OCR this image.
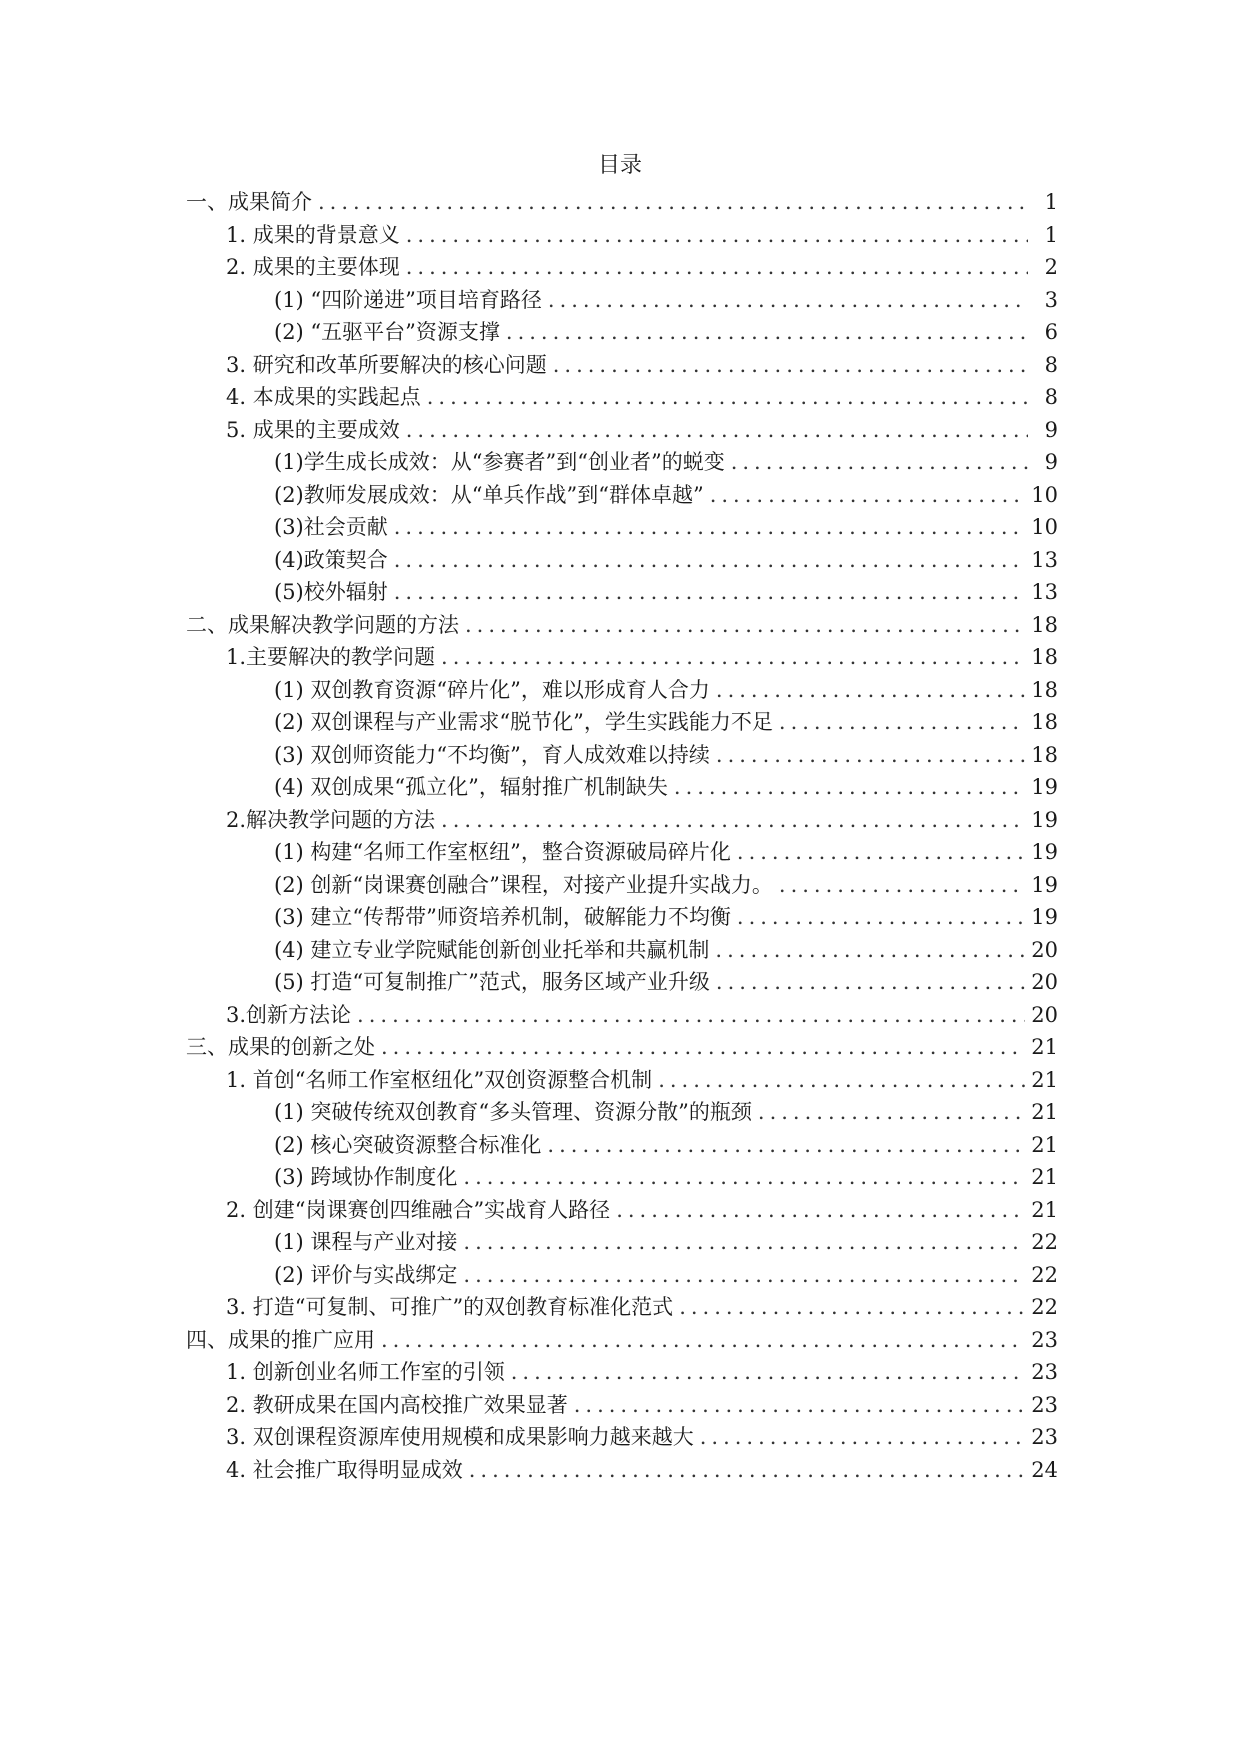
目录
一、成果简介 .....	1
1. 成果的背景意义 .....	1
2. 成果的主要体现 .....	2
(1) “四阶递进”项目培育路径 .....	3
(2) “五驱平台”资源支撑 .....	6
3. 研究和改革所要解决的核心问题 .....	8
4. 本成果的实践起点 .....	8
5. 成果的主要成效 .....	9
(1)学生成长成效：从“参赛者”到“创业者”的蜕变 .....	9
(2)教师发展成效：从“单兵作战”到“群体卓越” .....	10
(3)社会贡献 .....	10
(4)政策契合 .....	13
(5)校外辐射 .....	13
二、成果解决教学问题的方法 .....	18
1.主要解决的教学问题 .....	18
(1) 双创教育资源“碎片化”，难以形成育人合力 .....	18
(2) 双创课程与产业需求“脱节化”，学生实践能力不足 .....	18
(3) 双创师资能力“不均衡”，育人成效难以持续 .....	18
(4) 双创成果“孤立化”，辐射推广机制缺失 .....	19
2.解决教学问题的方法 .....	19
(1) 构建“名师工作室枢纽”，整合资源破局碎片化 .....	19
(2) 创新“岗课赛创融合”课程，对接产业提升实战力。 .....	19
(3) 建立“传帮带”师资培养机制，破解能力不均衡 .....	19
(4) 建立专业学院赋能创新创业托举和共赢机制 .....	20
(5) 打造“可复制推广”范式，服务区域产业升级 .....	20
3.创新方法论 .....	20
三、成果的创新之处 .....	21
1. 首创“名师工作室枢纽化”双创资源整合机制 .....	21
(1) 突破传统双创教育“多头管理、资源分散”的瓶颈 .....	21
(2) 核心突破资源整合标准化 .....	21
(3) 跨域协作制度化 .....	21
2. 创建“岗课赛创四维融合”实战育人路径 .....	21
(1) 课程与产业对接 .....	22
(2) 评价与实战绑定 .....	22
3. 打造“可复制、可推广”的双创教育标准化范式 .....	22
四、成果的推广应用 .....	23
1. 创新创业名师工作室的引领 .....	23
2. 教研成果在国内高校推广效果显著 .....	23
3. 双创课程资源库使用规模和成果影响力越来越大 .....	23
4. 社会推广取得明显成效 .....	24
